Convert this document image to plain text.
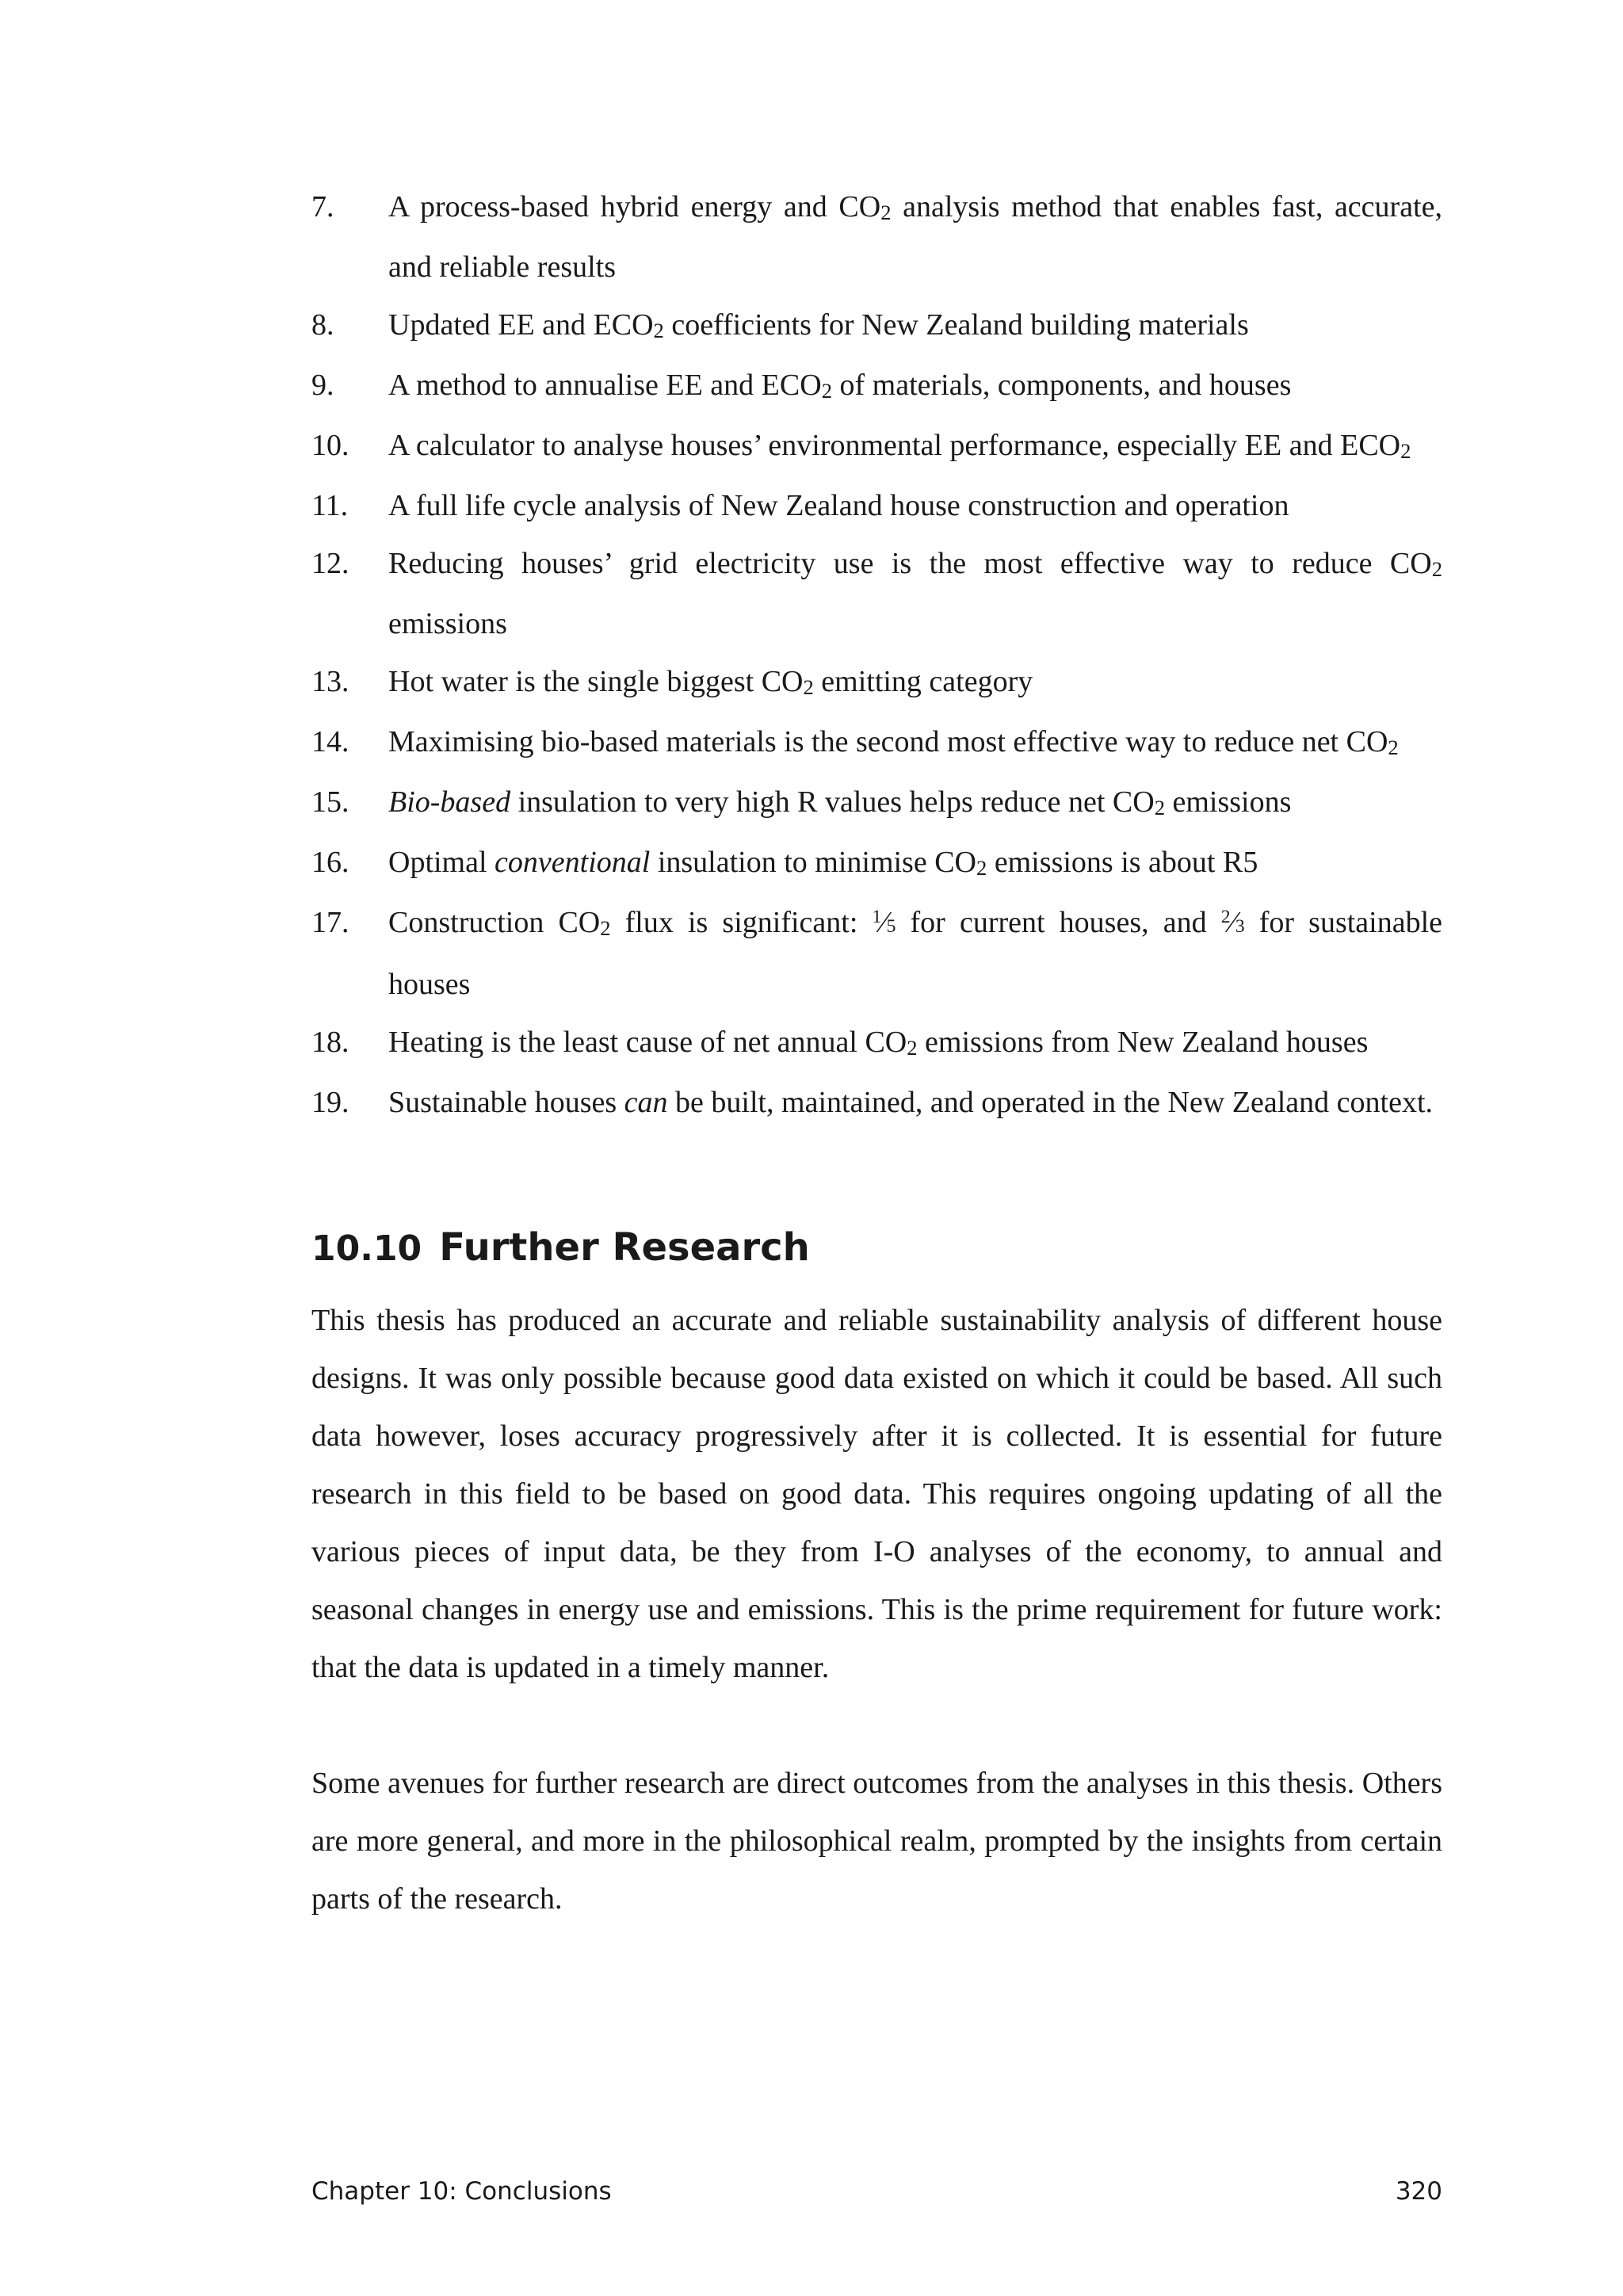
7.	A process-based hybrid energy and $CO_2$ analysis method that enables fast, accurate, and reliable results
8.	Updated EE and $ECO_2$ coefficients for New Zealand building materials
9.	A method to annualise EE and $ECO_2$ of materials, components, and houses
10.	A calculator to analyse houses’ environmental performance, especially EE and $ECO_2$
11.	A full life cycle analysis of New Zealand house construction and operation
12.	Reducing houses’ grid electricity use is the most effective way to reduce $CO_2$ emissions
13.	Hot water is the single biggest $CO_2$ emitting category
14.	Maximising bio-based materials is the second most effective way to reduce net $CO_2$
15.	Bio-based insulation to very high R values helps reduce net $CO_2$ emissions
16.	Optimal conventional insulation to minimise $CO_2$ emissions is about R5
17.	Construction $CO_2$ flux is significant: $^1$⁄5 for current houses, and $^2$⁄3 for sustainable houses
18.	Heating is the least cause of net annual $CO_2$ emissions from New Zealand houses
19.	Sustainable houses can be built, maintained, and operated in the New Zealand context.
10.10 Further Research

This thesis has produced an accurate and reliable sustainability analysis of different house designs. It was only possible because good data existed on which it could be based. All such data however, loses accuracy progressively after it is collected. It is essential for future research in this field to be based on good data. This requires ongoing updating of all the various pieces of input data, be they from I-O analyses of the economy, to annual and seasonal changes in energy use and emissions. This is the prime requirement for future work: that the data is updated in a timely manner.

Some avenues for further research are direct outcomes from the analyses in this thesis. Others are more general, and more in the philosophical realm, prompted by the insights from certain parts of the research.

Chapter 10: Conclusions	320
